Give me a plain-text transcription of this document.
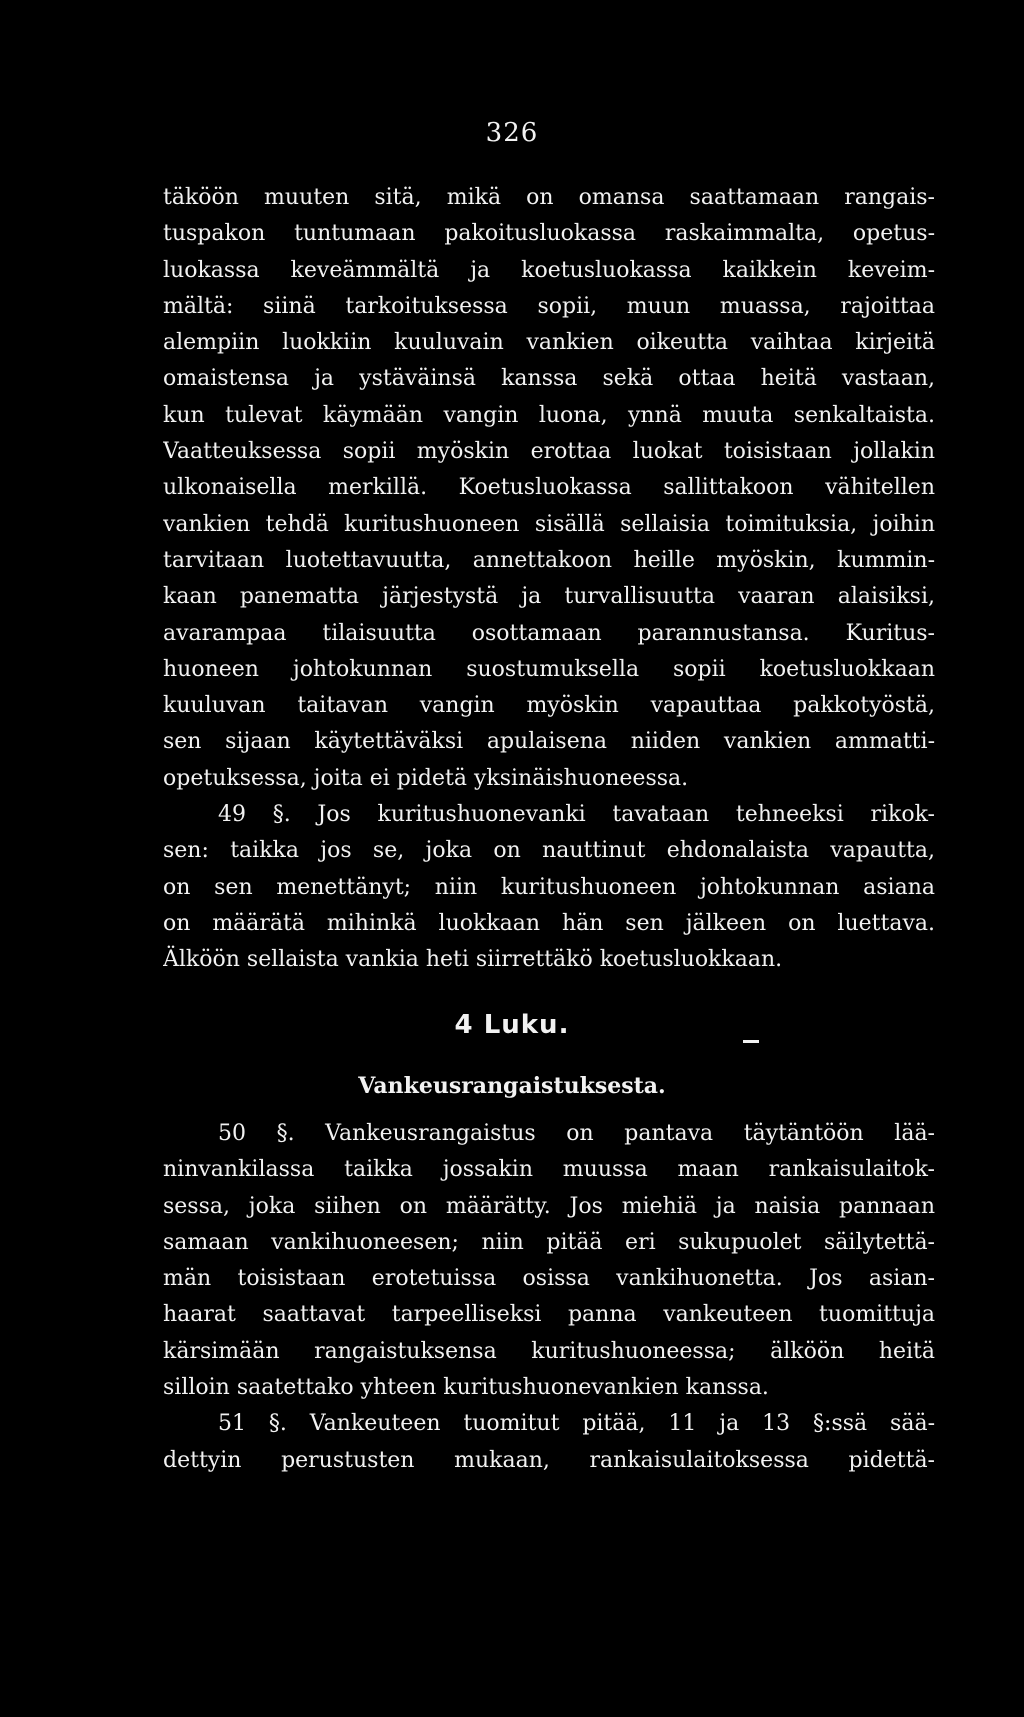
326
täköön muuten sitä, mikä on omansa saattamaan rangais-
tuspakon tuntumaan pakoitusluokassa raskaimmalta, opetus-
luokassa keveämmältä ja koetusluokassa kaikkein keveim-
mältä: siinä tarkoituksessa sopii, muun muassa, rajoittaa
alempiin luokkiin kuuluvain vankien oikeutta vaihtaa kirjeitä
omaistensa ja ystäväinsä kanssa sekä ottaa heitä vastaan,
kun tulevat käymään vangin luona, ynnä muuta senkaltaista.
Vaatteuksessa sopii myöskin erottaa luokat toisistaan jollakin
ulkonaisella merkillä. Koetusluokassa sallittakoon vähitellen
vankien tehdä kuritushuoneen sisällä sellaisia toimituksia, joihin
tarvitaan luotettavuutta, annettakoon heille myöskin, kummin-
kaan panematta järjestystä ja turvallisuutta vaaran alaisiksi,
avarampaa tilaisuutta osottamaan parannustansa. Kuritus-
huoneen johtokunnan suostumuksella sopii koetusluokkaan
kuuluvan taitavan vangin myöskin vapauttaa pakkotyöstä,
sen sijaan käytettäväksi apulaisena niiden vankien ammatti-
opetuksessa, joita ei pidetä yksinäishuoneessa.
49 §. Jos kuritushuonevanki tavataan tehneeksi rikok-
sen: taikka jos se, joka on nauttinut ehdonalaista vapautta,
on sen menettänyt; niin kuritushuoneen johtokunnan asiana
on määrätä mihinkä luokkaan hän sen jälkeen on luettava.
Älköön sellaista vankia heti siirrettäkö koetusluokkaan.
4 Luku.
Vankeusrangaistuksesta.
50 §. Vankeusrangaistus on pantava täytäntöön lää-
ninvankilassa taikka jossakin muussa maan rankaisulaitok-
sessa, joka siihen on määrätty. Jos miehiä ja naisia pannaan
samaan vankihuoneesen; niin pitää eri sukupuolet säilytettä-
män toisistaan erotetuissa osissa vankihuonetta. Jos asian-
haarat saattavat tarpeelliseksi panna vankeuteen tuomittuja
kärsimään rangaistuksensa kuritushuoneessa; älköön heitä
silloin saatettako yhteen kuritushuonevankien kanssa.
51 §. Vankeuteen tuomitut pitää, 11 ja 13 §:ssä sää-
dettyin perustusten mukaan, rankaisulaitoksessa pidettä-
